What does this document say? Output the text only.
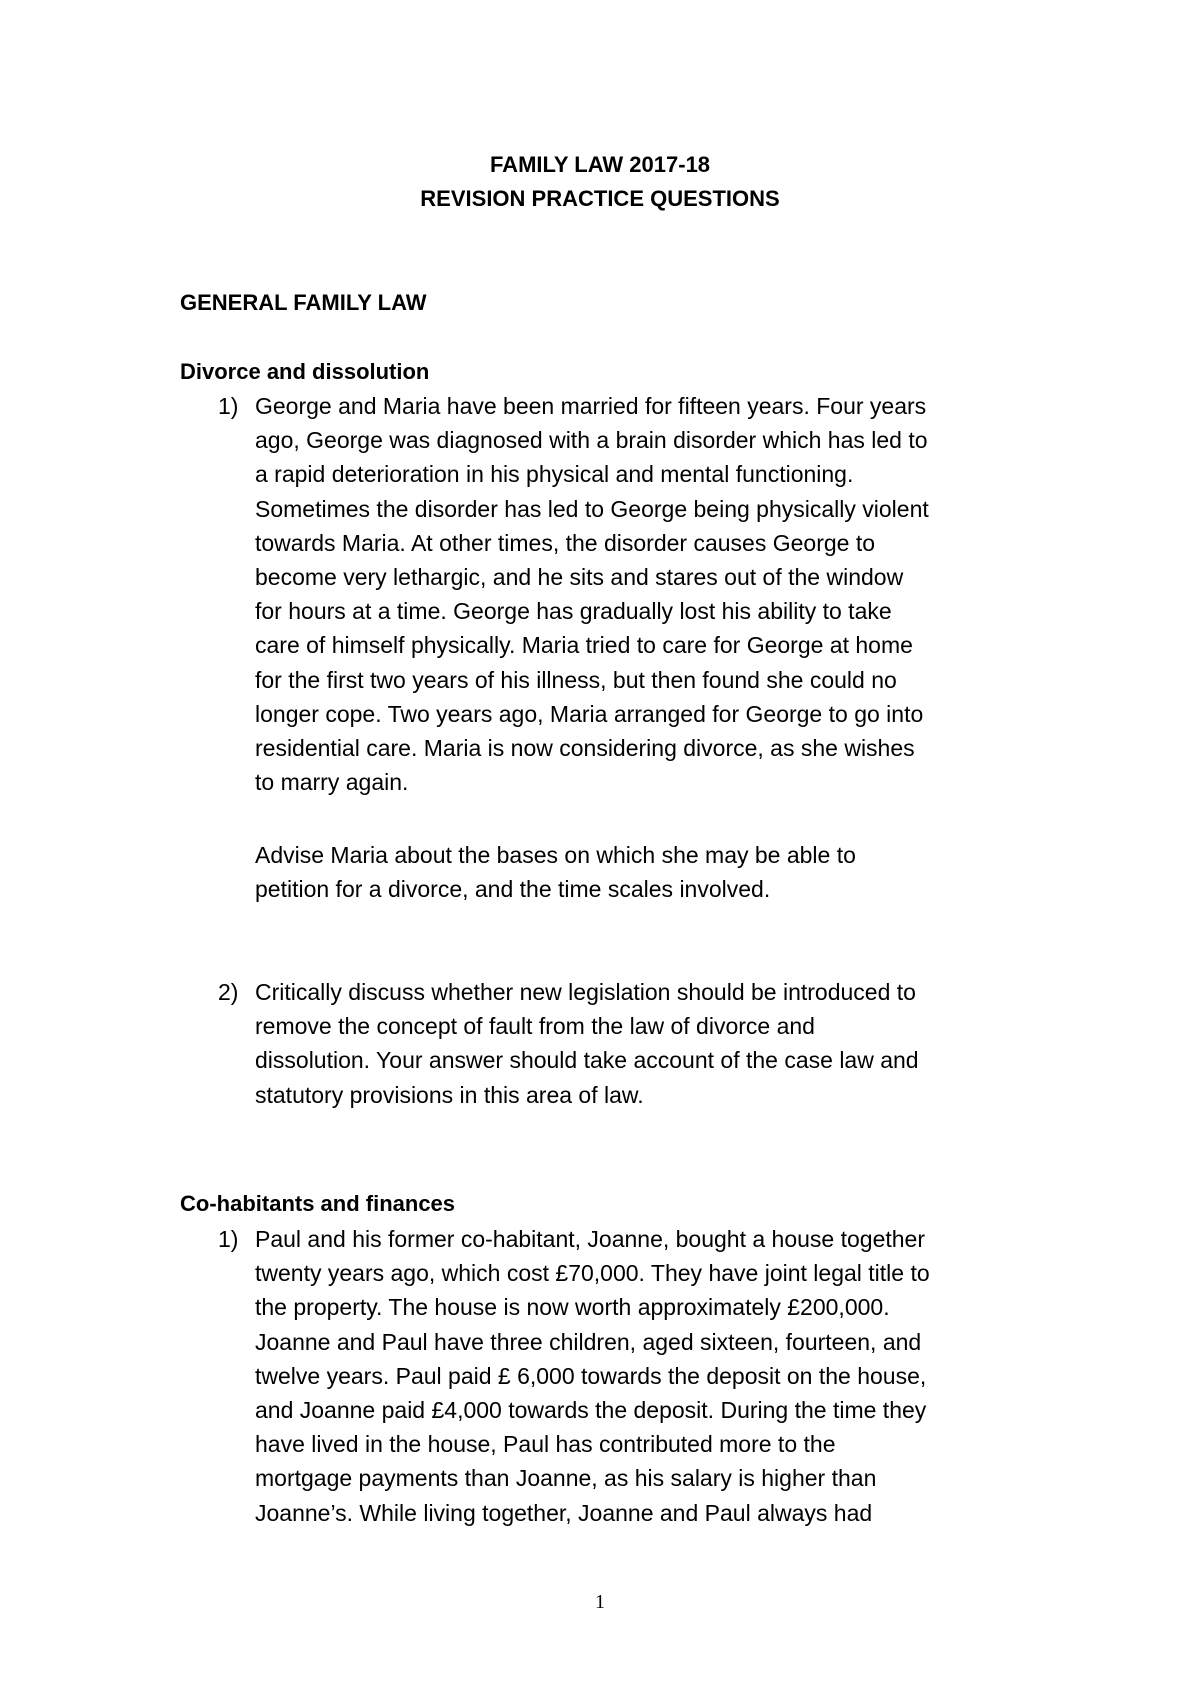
FAMILY LAW 2017-18
REVISION PRACTICE QUESTIONS
GENERAL FAMILY LAW
Divorce and dissolution
1) George and Maria have been married for fifteen years. Four years
ago, George was diagnosed with a brain disorder which has led to
a rapid deterioration in his physical and mental functioning.
Sometimes the disorder has led to George being physically violent
towards Maria. At other times, the disorder causes George to
become very lethargic, and he sits and stares out of the window
for hours at a time. George has gradually lost his ability to take
care of himself physically. Maria tried to care for George at home
for the first two years of his illness, but then found she could no
longer cope. Two years ago, Maria arranged for George to go into
residential care. Maria is now considering divorce, as she wishes
to marry again.
Advise Maria about the bases on which she may be able to
petition for a divorce, and the time scales involved.
2) Critically discuss whether new legislation should be introduced to
remove the concept of fault from the law of divorce and
dissolution. Your answer should take account of the case law and
statutory provisions in this area of law.
Co-habitants and finances
1) Paul and his former co-habitant, Joanne, bought a house together
twenty years ago, which cost £70,000. They have joint legal title to
the property. The house is now worth approximately £200,000.
Joanne and Paul have three children, aged sixteen, fourteen, and
twelve years. Paul paid £ 6,000 towards the deposit on the house,
and Joanne paid £4,000 towards the deposit. During the time they
have lived in the house, Paul has contributed more to the
mortgage payments than Joanne, as his salary is higher than
Joanne’s. While living together, Joanne and Paul always had
1
